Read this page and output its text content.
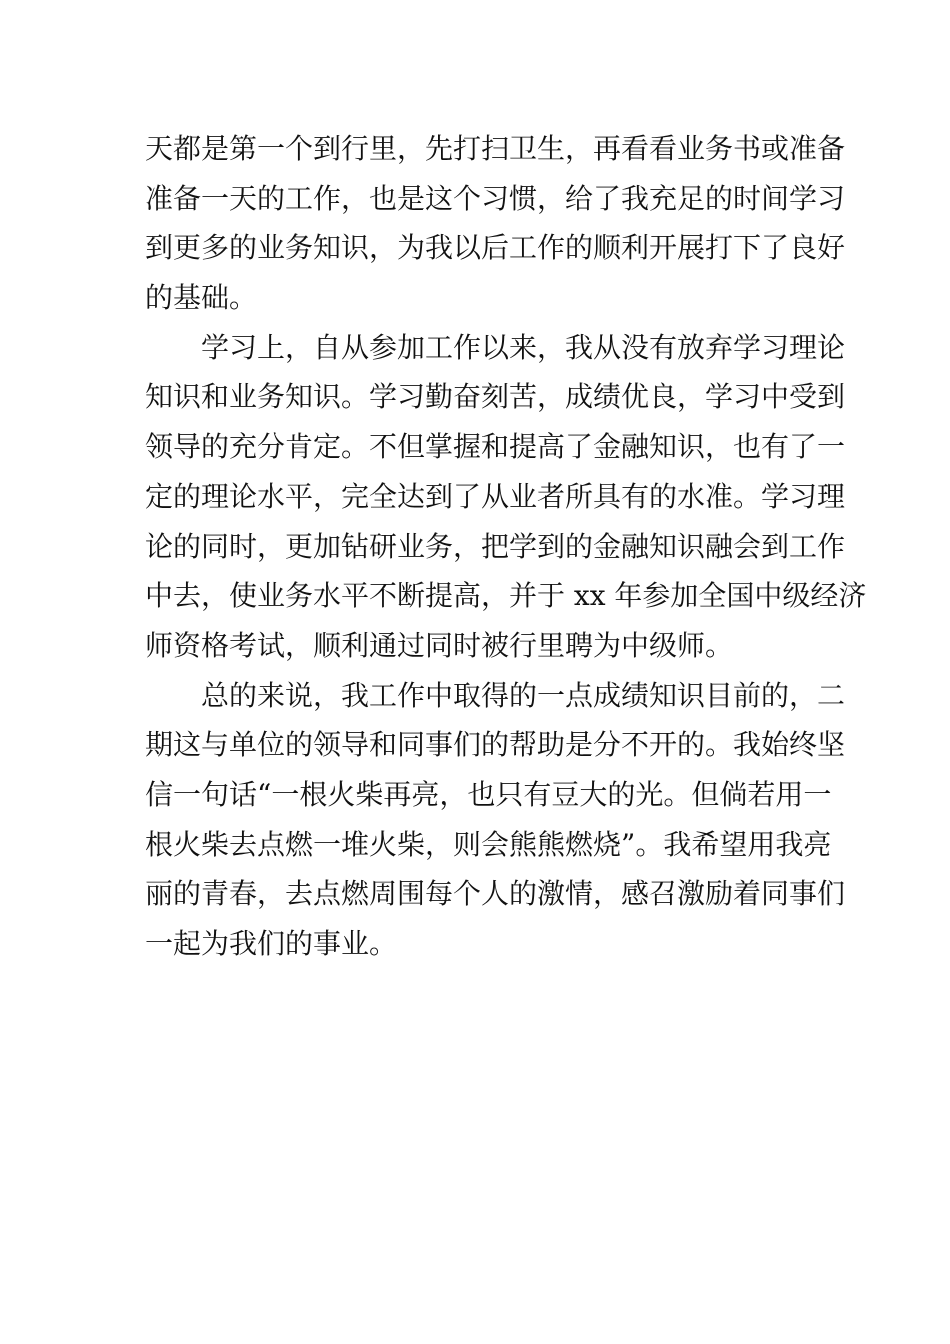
天都是第一个到行里，先打扫卫生，再看看业务书或准备
准备一天的工作，也是这个习惯，给了我充足的时间学习
到更多的业务知识，为我以后工作的顺利开展打下了良好
的基础。
学习上，自从参加工作以来，我从没有放弃学习理论
知识和业务知识。学习勤奋刻苦，成绩优良，学习中受到
领导的充分肯定。不但掌握和提高了金融知识，也有了一
定的理论水平，完全达到了从业者所具有的水准。学习理
论的同时，更加钻研业务，把学到的金融知识融会到工作
中去，使业务水平不断提高，并于 xx 年参加全国中级经济
师资格考试，顺利通过同时被行里聘为中级师。
总的来说，我工作中取得的一点成绩知识目前的，二
期这与单位的领导和同事们的帮助是分不开的。我始终坚
信一句话“一根火柴再亮，也只有豆大的光。但倘若用一
根火柴去点燃一堆火柴，则会熊熊燃烧”。我希望用我亮
丽的青春，去点燃周围每个人的激情，感召激励着同事们
一起为我们的事业。
